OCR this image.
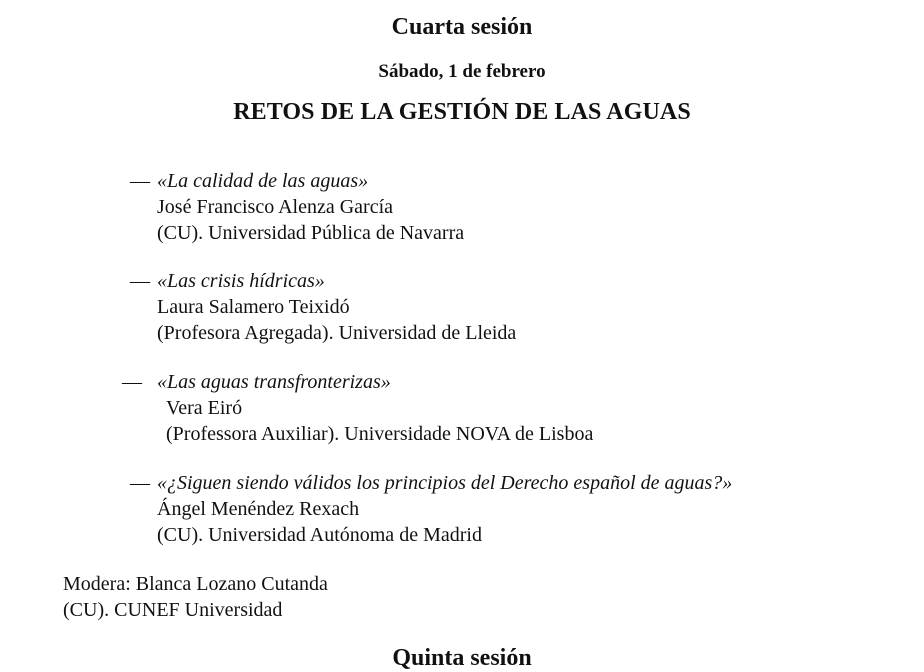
Cuarta sesión
Sábado, 1 de febrero
RETOS DE LA GESTIÓN DE LAS AGUAS
— «La calidad de las aguas»
José Francisco Alenza García
(CU). Universidad Pública de Navarra
— «Las crisis hídricas»
Laura Salamero Teixidó
(Profesora Agregada). Universidad de Lleida
— «Las aguas transfronterizas»
Vera Eiró
(Professora Auxiliar). Universidade NOVA de Lisboa
— «¿Siguen siendo válidos los principios del Derecho español de aguas?»
Ángel Menéndez Rexach
(CU). Universidad Autónoma de Madrid
Modera: Blanca Lozano Cutanda
(CU). CUNEF Universidad
Quinta sesión
